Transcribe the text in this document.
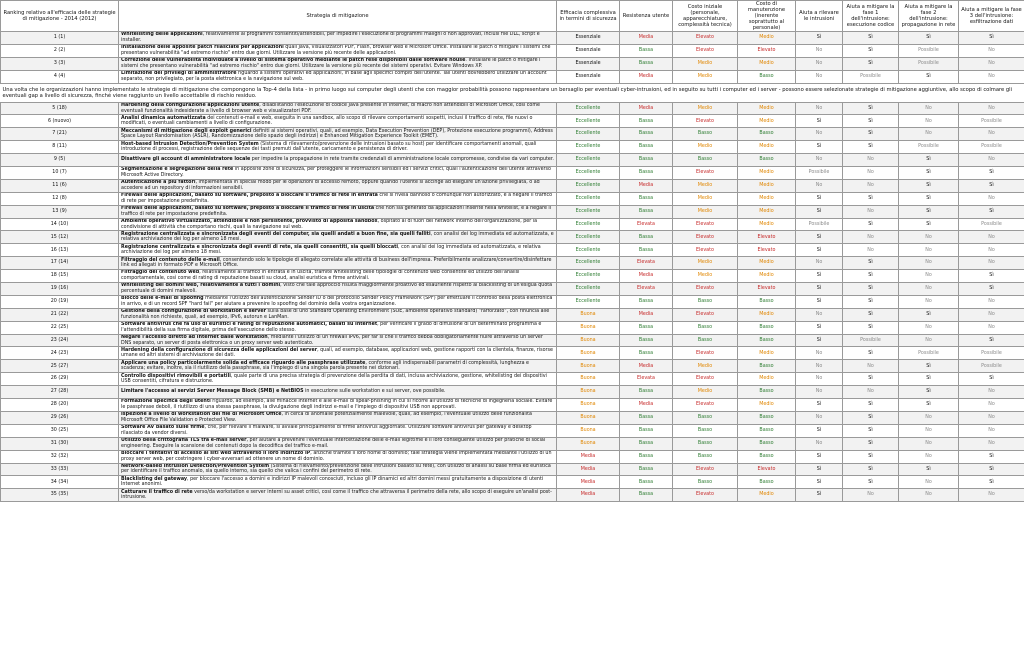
Ranking relativo all'efficacia delle strategie di mitigazione - 2014 (2012)	Strategia di mitigazione	Efficacia complessiva in termini di sicurezza	Resistenza utente	Costo iniziale (personale, apparecchiature, complessità tecnica)	Costo di manutenzione (inerente soprattutto al personale)	Aiuta a rilevare le intrusioni	Aiuta a mitigare la fase 1 dell'intrusione: esecuzione codice	Aiuta a mitigare la fase 2 dell'intrusione: propagazione in rete	Aiuta a mitigare la fase 3 dell'intrusione: esfiltrazione dati
1 (1)	Whitelisting delle applicazioni, relativamente ai programmi consentiti/attendibili, per impedire l'esecuzione di programmi maligni o non approvati, inclusi file DLL, script e installer.	Essenziale	Media	Elevato	Medio	Sì	Sì	Sì	Sì
2 (2)	Installazione delle apposite patch rilasciate per applicazioni quali Java, visualizzatori PDF, Flash, browser web e Microsoft Office. Installare le patch o mitigare i sistemi che presentano vulnerabilità "ad estremo rischio" entro due giorni. Utilizzare la versione più recente delle applicazioni.	Essenziale	Bassa	Elevato	Elevato	No	Sì	Possibile	No
3 (3)	Correzione delle vulnerabilità individuate a livello di sistema operativo mediante le patch rese disponibili dalle software house. Installare le patch o mitigare i sistemi che presentano vulnerabilità "ad estremo rischio" entro due giorni. Utilizzare la versione più recente dei sistemi operativi. Evitare Windows XP.	Essenziale	Bassa	Medio	Medio	No	Sì	Possibile	No
4 (4)	Limitazione dei privilegi di amministratore riguardo a sistemi operativi ed applicazioni, in base agli specifici compiti dell'utente. Tali utenti dovrebbero utilizzare un account separato, non privilegiato, per la posta elettronica e la navigazione sul web.	Essenziale	Media	Medio	Basso	No	Possibile	Sì	No
Una volta che le organizzazioni hanno implementato le strategie di mitigazione che compongono la Top-4 della lista - in primo luogo sui computer degli utenti che con maggior probabilità possono rappresentare un bersaglio per eventuali cyber-intrusioni, ed in seguito su tutti i computer ed i server - possono essere selezionate strategie di mitigazione aggiuntive, allo scopo di colmare gli eventuali gap a livello di sicurezza, finché viene raggiunto un livello accettabile di rischio residuo.									
5 (18)	Hardening della configurazione applicazioni utente, disabilitando l'esecuzione di codice Java presente in Internet, di macro non attendibili di Microsoft Office, così come eventuali funzionalità indesiderate a livello di browser web e visualizzatori PDF.	Eccellente	Media	Medio	Medio	No	Sì	No	No
6 (nuovo)	Analisi dinamica automatizzata dei contenuti e-mail e web, eseguita in una sandbox, allo scopo di rilevare comportamenti sospetti, inclusi il traffico di rete, file nuovi o modificati, o eventuali cambiamenti a livello di configurazione.	Eccellente	Bassa	Elevato	Medio	Sì	Sì	No	Possibile
7 (21)	Meccanismi di mitigazione degli exploit generici definiti ai sistemi operativi, quali, ad esempio, Data Execution Prevention (DEP), Protezione esecuzione programmi), Address Space Layout Randomisation (ASLR), Randomizzazione dello spazio degli indirizzi) e Enhanced Mitigation Experience Toolkit (EMET).	Eccellente	Bassa	Basso	Basso	No	Sì	No	No
8 (11)	Host-based Intrusion Detection/Prevention System (Sistema di rilevamento/prevenzione delle intrusioni basato su host) per identificare comportamenti anomali, quali introduzione di processi, registrazione delle sequenze dei tasti premuti dall'utente, caricamento e persistenza di driver.	Eccellente	Bassa	Medio	Medio	Sì	Sì	Possibile	Possibile
9 (5)	Disattivare gli account di amministratore locale per impedire la propagazione in rete tramite credenziali di amministrazione locale compromesse, condivise da vari computer.	Eccellente	Bassa	Basso	Basso	No	No	Sì	No
10 (7)	Segmentazione e segregazione della rete in apposite zone di sicurezza, per proteggere le informazioni sensibili ed i servizi critici, quali l'autenticazione dell'utente attraverso Microsoft Active Directory.	Eccellente	Bassa	Elevato	Medio	Possibile	No	Sì	Sì
11 (6)	Autenticazione a più fattori, implementata in special modo per le operazioni di accesso remoto, oppure quando l'utente si accinge ad eseguire un'azione privilegiata, o ad accedere ad un repository di informazioni sensibili.	Eccellente	Media	Medio	Medio	No	No	Sì	Sì
12 (8)	Firewall delle applicazioni, basato su software, preposto a bloccare il traffico di rete in entrata che si rivela dannoso o comunque non autorizzato, e a negare il traffico di rete per impostazione predefinita.	Eccellente	Bassa	Medio	Medio	Sì	Sì	Sì	No
13 (9)	Firewall delle applicazioni, basato su software, preposto a bloccare il traffico di rete in uscita che non sia generato da applicazioni inserite nella whitelist, e a negare il traffico di rete per impostazione predefinita.	Eccellente	Bassa	Medio	Medio	Sì	No	Sì	Sì
14 (10)	Ambiente operativo virtualizzato, attendibile e non persistente, provvisto di apposita sandbox, ospitato al di fuori del network interno dell'organizzazione, per la condivisione di attività che comportano rischi, quali la navigazione sul web.	Eccellente	Elevata	Elevato	Medio	Possibile	Sì	Sì	Possibile
15 (12)	Registrazione centralizzata e sincronizzata degli eventi dei computer, sia quelli andati a buon fine, sia quelli falliti, con analisi dei log immediata ed automatizzata, e relativa archiviazione dei log per almeno 18 mesi.	Eccellente	Bassa	Elevato	Elevato	Sì	No	No	No
16 (13)	Registrazione centralizzata e sincronizzata degli eventi di rete, sia quelli consentiti, sia quelli bloccati, con analisi dei log immediata ed automatizzata, e relativa archiviazione dei log per almeno 18 mesi.	Eccellente	Bassa	Elevato	Elevato	Sì	No	No	No
17 (14)	Filtraggio del contenuto delle e-mail, consentendo solo le tipologie di allegato correlate alle attività di business dell'impresa. Preferibilmente analizzare/convertire/disinfettare link ed allegati in formato PDF e Microsoft Office.	Eccellente	Elevata	Medio	Medio	No	Sì	No	No
18 (15)	Filtraggio del contenuto web, relativamente al traffico in entrata e in uscita, tramite whitelisting delle tipologie di contenuto web consentite ed utilizzo dell'analisi comportamentale, così come di rating di reputazione basati su cloud, analisi euristica e firme antivirali.	Eccellente	Media	Medio	Medio	Sì	Sì	No	Sì
19 (16)	Whitelisting dei domini web, relativamente a tutti i domini, visto che tale approccio risulta maggiormente proattivo ed esauriente rispetto al blacklisting di un'esigua quota percentuale di domini malevoli.	Eccellente	Elevata	Elevato	Elevato	Sì	Sì	No	Sì
20 (19)	Blocco delle e-mail di spoofing mediante l'utilizzo dell'autenticazione Sender ID o del protocollo Sender Policy Framework (SPF) per effettuare il controllo della posta elettronica in arrivo, e di un record SPF "hard fail" per aiutare a prevenire lo spoofing del dominio della vostra organizzazione.	Eccellente	Bassa	Basso	Basso	Sì	Sì	No	No
21 (22)	Gestione della configurazione di workstation e server sulla base di uno Standard Operating Environment (SOE, ambiente operativo standard) "rafforzato", con rinuncia alle funzionalità non richieste, quali, ad esempio, IPv6, autorun e LanMan.	Buona	Media	Elevato	Medio	No	Sì	Sì	No
22 (25)	Software antivirus che fa uso di euristici e rating di reputazione automatici, basati su Internet, per verificare il grado di diffusione di un determinato programma e l'attendibilità della sua firma digitale, prima dell'esecuzione dello stesso.	Buona	Bassa	Basso	Basso	Sì	Sì	No	No
23 (24)	Negare l'accesso diretto ad Internet dalle workstation, mediante l'utilizzo di un firewall IPv6, per far sì che il traffico debba obbligatoriamente fluire attraverso un server DNS separato, un server di posta elettronica o un proxy server web autenticato.	Buona	Bassa	Basso	Basso	Sì	Possibile	No	Sì
24 (23)	Hardening della configurazione di sicurezza delle applicazioni dei server, quali, ad esempio, database, applicazioni web, gestione rapporti con la clientela, finanze, risorse umane ed altri sistemi di archiviazione dei dati.	Buona	Bassa	Elevato	Medio	No	Sì	Possibile	Possibile
25 (27)	Applicare una policy particolarmente solida ed efficace riguardo alle passphrase utilizzate, conforme agli indispensabili parametri di complessità, lunghezza e scadenza; evitare, inoltre, sia il riutilizzo della passphrase, sia l'impiego di una singola parola presente nei dizionari.	Buona	Media	Medio	Basso	No	No	Sì	Possibile
26 (29)	Controllo dispositivi rimovibili e portatili, quale parte di una precisa strategia di prevenzione della perdita di dati, inclusa archiviazione, gestione, whitelisting dei dispositivi USB consentiti, cifratura e distruzione.	Buona	Elevata	Elevato	Medio	No	Sì	Sì	Sì
27 (28)	Limitare l'accesso ai servizi Server Message Block (SMB) e NetBIOS in esecuzione sulle workstation e sui server, ove possibile.	Buona	Bassa	Medio	Basso	No	No	Sì	No
28 (20)	Formazione specifica degli utenti riguardo, ad esempio, alle minacce Internet e alle e-mail di spear-phishing in cui si ricorre all'utilizzo di tecniche di ingegneria sociale. Evitare le passphrase deboli, il riutilizzo di una stessa passphrase, la divulgazione degli indirizzi e-mail e l'impiego di dispositivi USB non approvati.	Buona	Media	Elevato	Medio	Sì	Sì	Sì	No
29 (26)	Ispezione a livello di workstation dei file di Microsoft Office, in cerca di anomalie potenzialmente malevole, quali, ad esempio, l'eventuale utilizzo delle funzionalità Microsoft Office File Validation o Protected View.	Buona	Bassa	Basso	Basso	No	Sì	No	No
30 (25)	Software AV basato sulle firme, che, per rilevare il malware, si avvale principalmente di firme antivirus aggiornate. Utilizzare software antivirus per gateway e desktop rilasciato da vendor diversi.	Buona	Bassa	Basso	Basso	Sì	Sì	No	No
31 (30)	Utilizzo della crittografia TLS tra e-mail server, per aiutare a prevenire l'eventuale intercettazione delle e-mail legittime e il loro conseguente utilizzo per pratiche di social engineering. Eseguire la scansione dei contenuti dopo la decodifica del traffico e-mail.	Buona	Bassa	Basso	Basso	No	Sì	No	No
32 (32)	Bloccare i tentativi di accesso ai siti web attraverso il loro indirizzo IP, anziché tramite il loro nome di dominio; tale strategia viene implementata mediante l'utilizzo di un proxy server web, per costringere i cyber-avversari ad ottenere un nome di dominio.	Media	Bassa	Basso	Basso	Sì	Sì	No	Sì
33 (33)	Network-based Intrusion Detection/Prevention System (Sistema di rilevamento/prevenzione delle intrusioni basato su rete), con utilizzo di analisi su base firma ed euristica per identificare il traffico anomalo, sia quello interno, sia quello che valica i confini del perimetro di rete.	Media	Bassa	Elevato	Elevato	Sì	Sì	Sì	Sì
34 (34)	Blacklisting del gateway, per bloccare l'accesso a domini e indirizzi IP malevoli conosciuti, incluso gli IP dinamici ed altri domini messi gratuitamente a disposizione di utenti Internet anonimi.	Media	Bassa	Basso	Basso	Sì	Sì	No	Sì
35 (35)	Catturare il traffico di rete verso/da workstation e server interni su asset critici, così come il traffico che attraversa il perimetro della rete, allo scopo di eseguire un'analisi post-intrusione.	Media	Bassa	Elevato	Medio	Sì	No	No	No
